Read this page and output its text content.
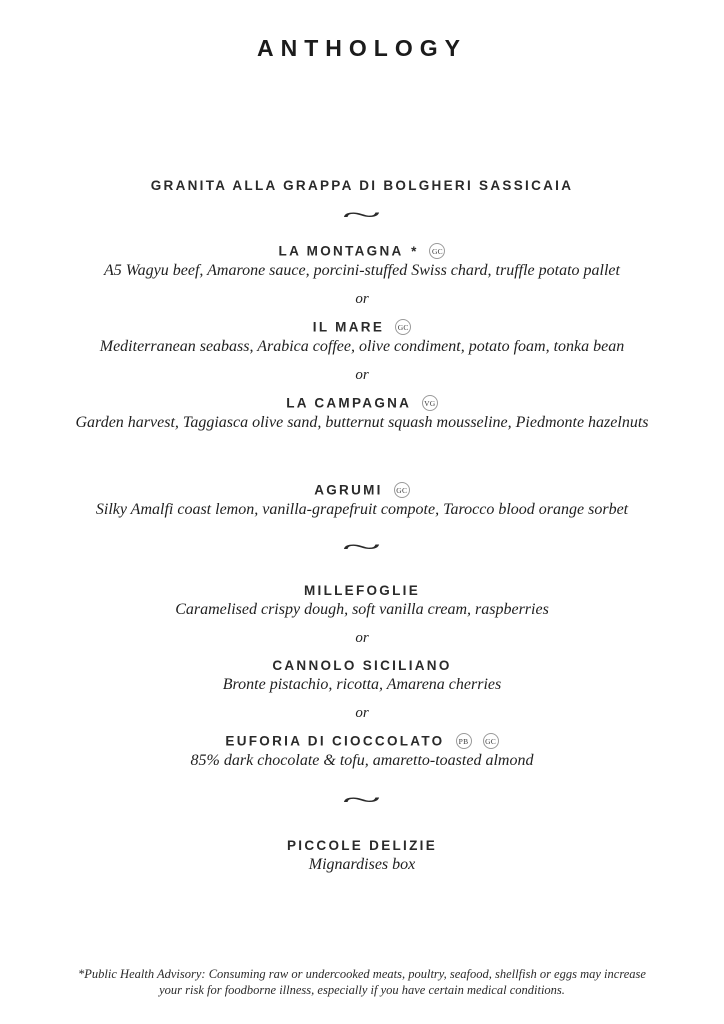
ANTHOLOGY
GRANITA ALLA GRAPPA DI BOLGHERI SASSICAIA
~
LA MONTAGNA * GC
A5 Wagyu beef, Amarone sauce, porcini-stuffed Swiss chard, truffle potato pallet
or
IL MARE GC
Mediterranean seabass, Arabica coffee, olive condiment, potato foam, tonka bean
or
LA CAMPAGNA VG
Garden harvest, Taggiasca olive sand, butternut squash mousseline, Piedmonte hazelnuts
AGRUMI GC
Silky Amalfi coast lemon, vanilla-grapefruit compote, Tarocco blood orange sorbet
~
MILLEFOGLIE
Caramelised crispy dough, soft vanilla cream, raspberries
or
CANNOLO SICILIANO
Bronte pistachio, ricotta, Amarena cherries
or
EUFORIA DI CIOCCOLATO PB GC
85% dark chocolate & tofu, amaretto-toasted almond
~
PICCOLE DELIZIE
Mignardises box
*Public Health Advisory: Consuming raw or undercooked meats, poultry, seafood, shellfish or eggs may increase your risk for foodborne illness, especially if you have certain medical conditions.
